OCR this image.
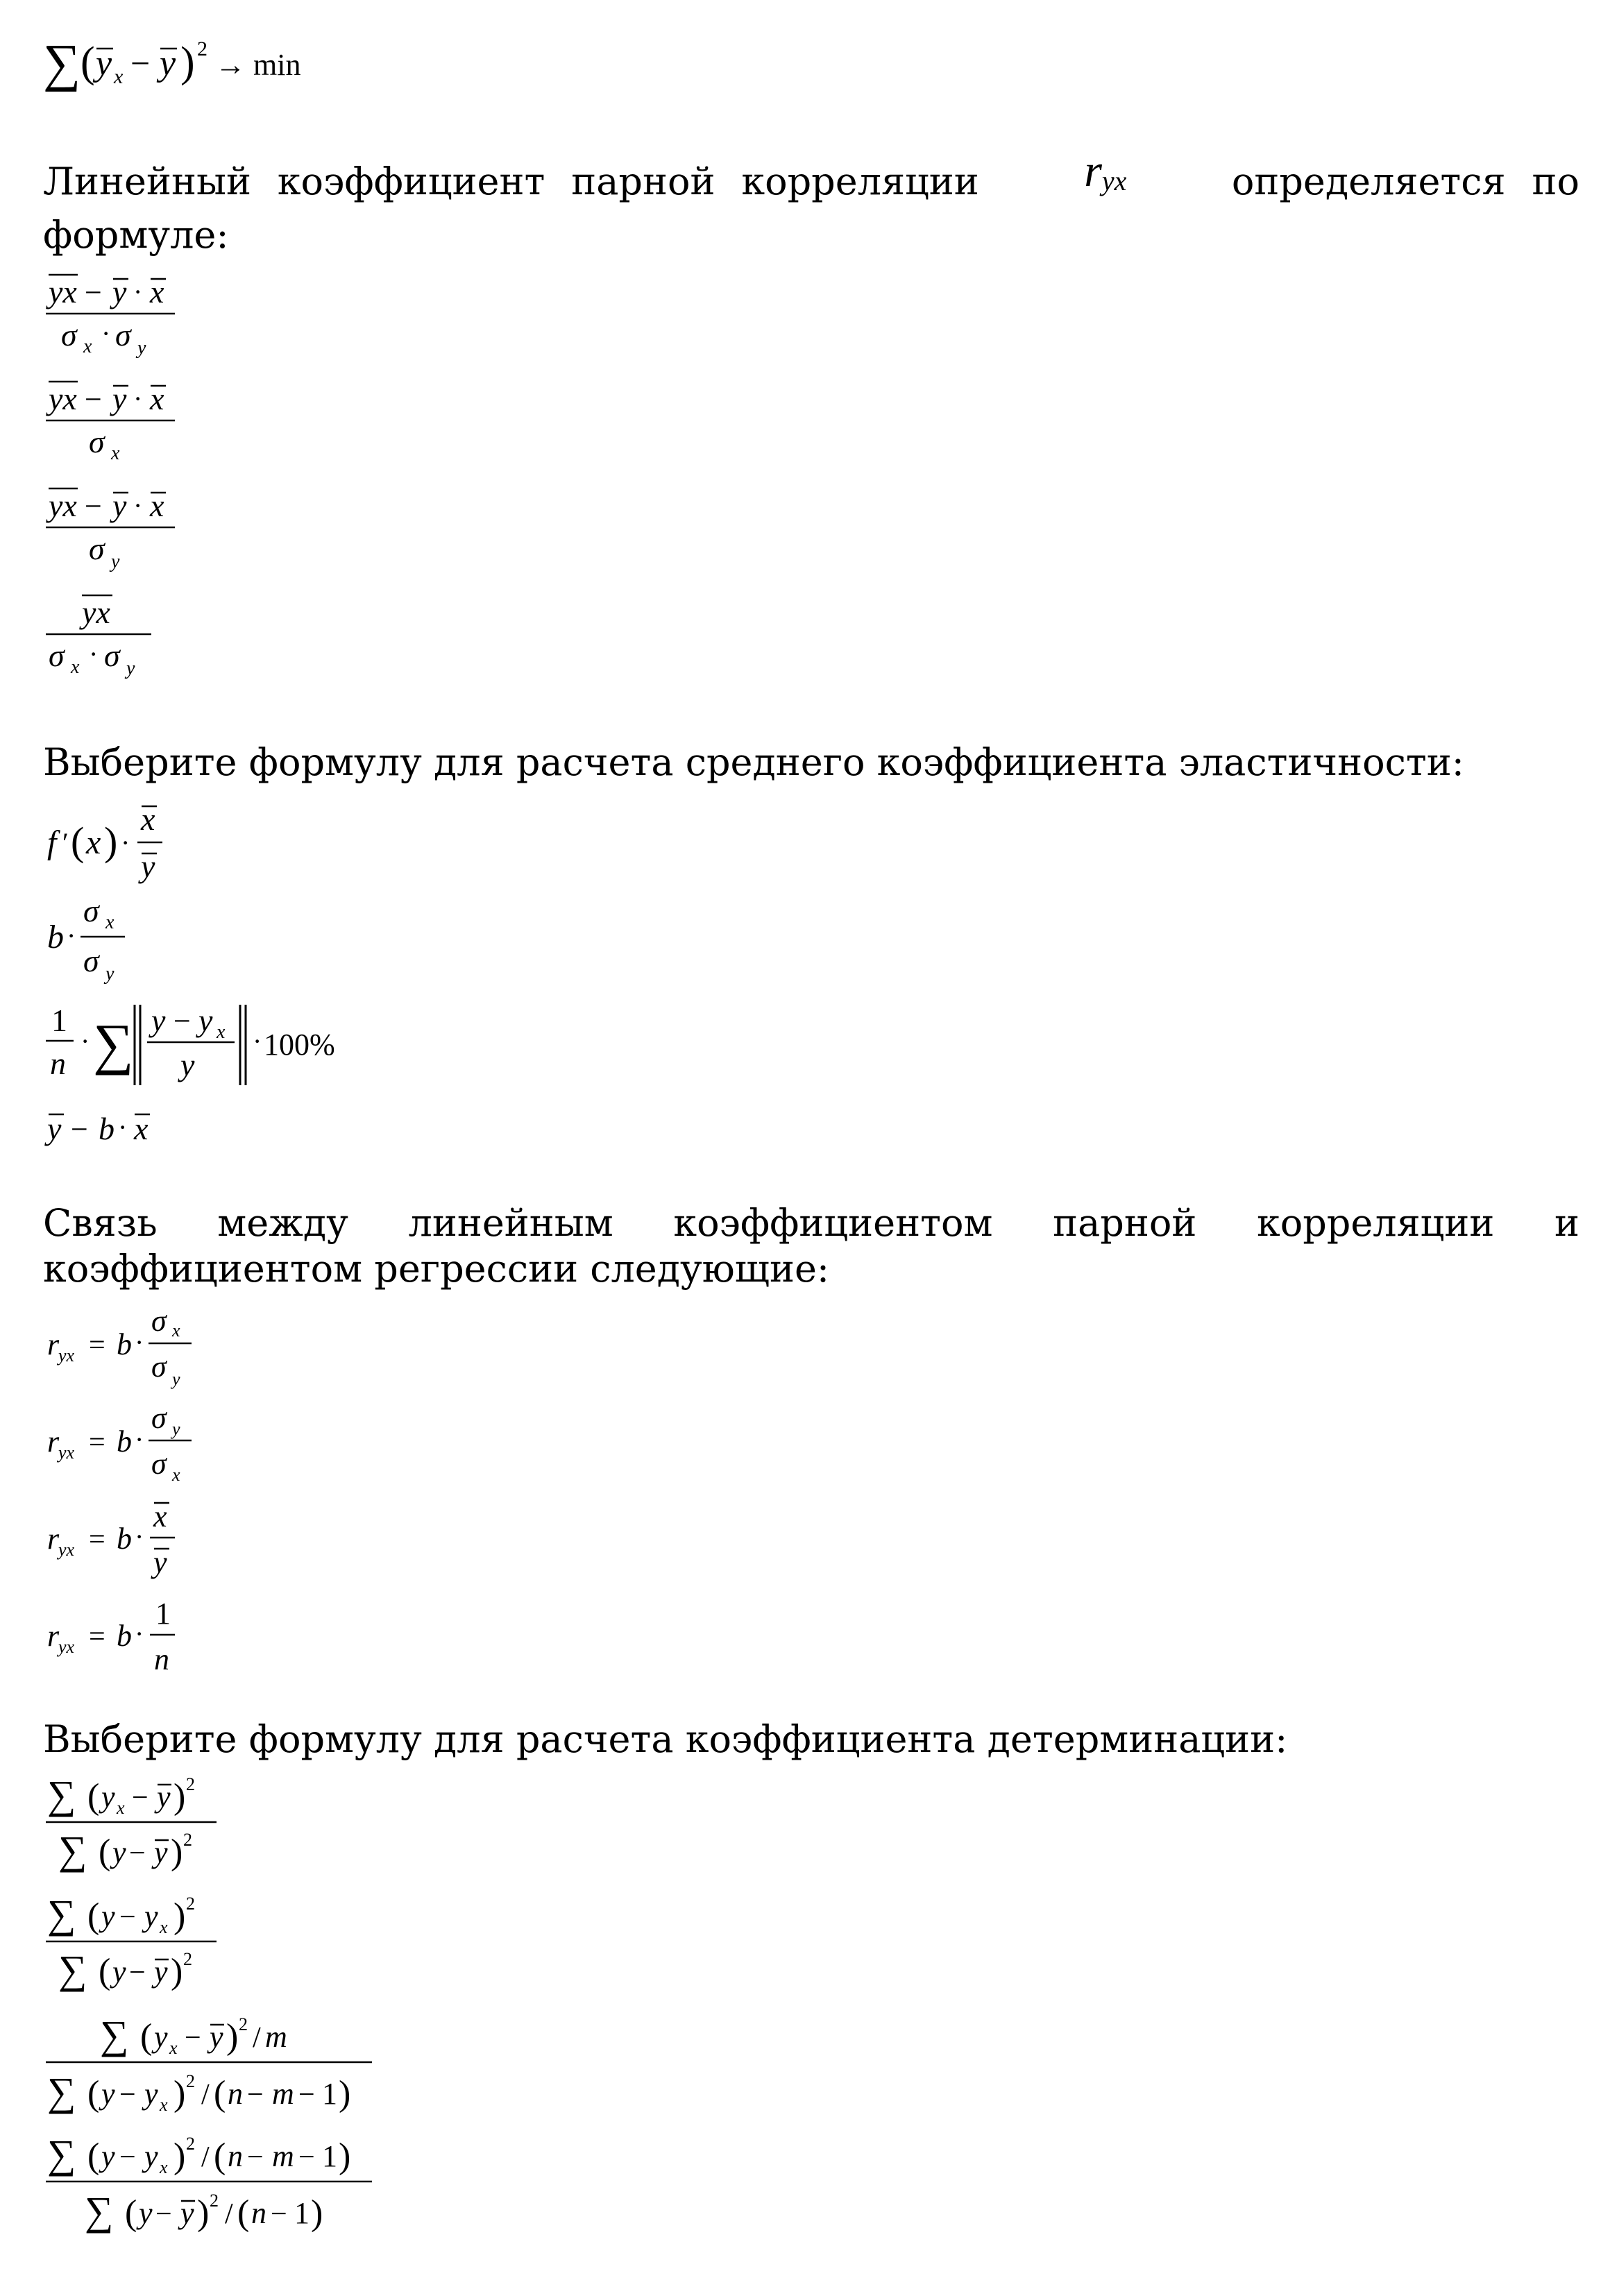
∑ ( y x − y ) 2 → min

Линейный коэффициент парной корреляции $r_{yx}$	определяется по формуле:

yx − y · x
σ x · σ y
yx − y · x
σ x
yx − y · x
σ y
yx
σ x · σ y

Выберите формулу для расчета среднего коэффициента эластичности:

f ′ ( x ) ·
x
y
b ·
σ x
σ y
1
n
· ∑ y − y x
y
· 100%
y − b · x

Связь между линейным коэффициентом парной корреляции и коэффициентом регрессии следующие:

r
yx = b ·
σ x
σ y
r
yx = b ·
σ y
σ x
r
yx = b ·
x
y
r
yx = b ·
1
n

Выберите формулу для расчета коэффициента детерминации:

∑ ( y x − y ) 2
∑ ( y − y ) 2
∑ ( y − y x ) 2
∑ ( y − y ) 2
∑ ( y x − y ) 2 / m
∑ ( y − y x ) 2 / ( n − m − 1 )
∑ ( y − y x ) 2 / ( n − m − 1 )
∑ ( y − y ) 2 / ( n − 1 )
